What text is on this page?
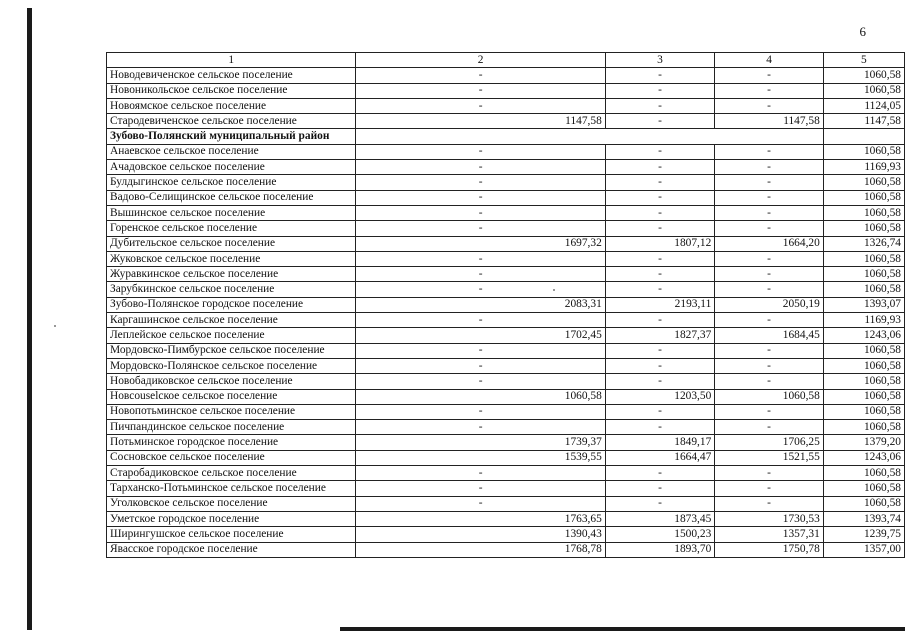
6
1	2	3	4	5
Новодевиченское сельское поселение	-	-	-	1060,58
Новоникольское сельское поселение	-	-	-	1060,58
Новоямское сельское поселение	-	-	-	1124,05
Стародевиченское сельское поселение	1147,58	-	1147,58	1147,58
Зубово-Полянский муниципальный район				
Анаевское сельское поселение	-	-	-	1060,58
Ачадовское сельское поселение	-	-	-	1169,93
Булдыгинское сельское поселение	-	-	-	1060,58
Вадово-Селищинское сельское поселение	-	-	-	1060,58
Вышинское сельское поселение	-	-	-	1060,58
Горенское сельское поселение	-	-	-	1060,58
Дубительское сельское поселение	1697,32	1807,12	1664,20	1326,74
Жуковское сельское поселение	-	-	-	1060,58
Журавкинское сельское поселение	-	-	-	1060,58
Зарубкинское сельское поселение	-	-	-	1060,58
Зубово-Полянское городское поселение	2083,31	2193,11	2050,19	1393,07
Каргашинское сельское поселение	-	-	-	1169,93
Леплейское сельское поселение	1702,45	1827,37	1684,45	1243,06
Мордовско-Пимбурское сельское поселение	-	-	-	1060,58
Мордовско-Полянское сельское поселение	-	-	-	1060,58
Новобадиковское сельское поселение	-	-	-	1060,58
Новcouselское сельское поселение	1060,58	1203,50	1060,58	1060,58
Новопотьминское сельское поселение	-	-	-	1060,58
Пичпандинское сельское поселение	-	-	-	1060,58
Потьминское городское поселение	1739,37	1849,17	1706,25	1379,20
Сосновское сельское поселение	1539,55	1664,47	1521,55	1243,06
Старобадиковское сельское поселение	-	-	-	1060,58
Тарханско-Потьминское сельское поселение	-	-	-	1060,58
Уголковское сельское поселение	-	-	-	1060,58
Уметское городское поселение	1763,65	1873,45	1730,53	1393,74
Ширингушское сельское поселение	1390,43	1500,23	1357,31	1239,75
Явасское городское поселение	1768,78	1893,70	1750,78	1357,00
